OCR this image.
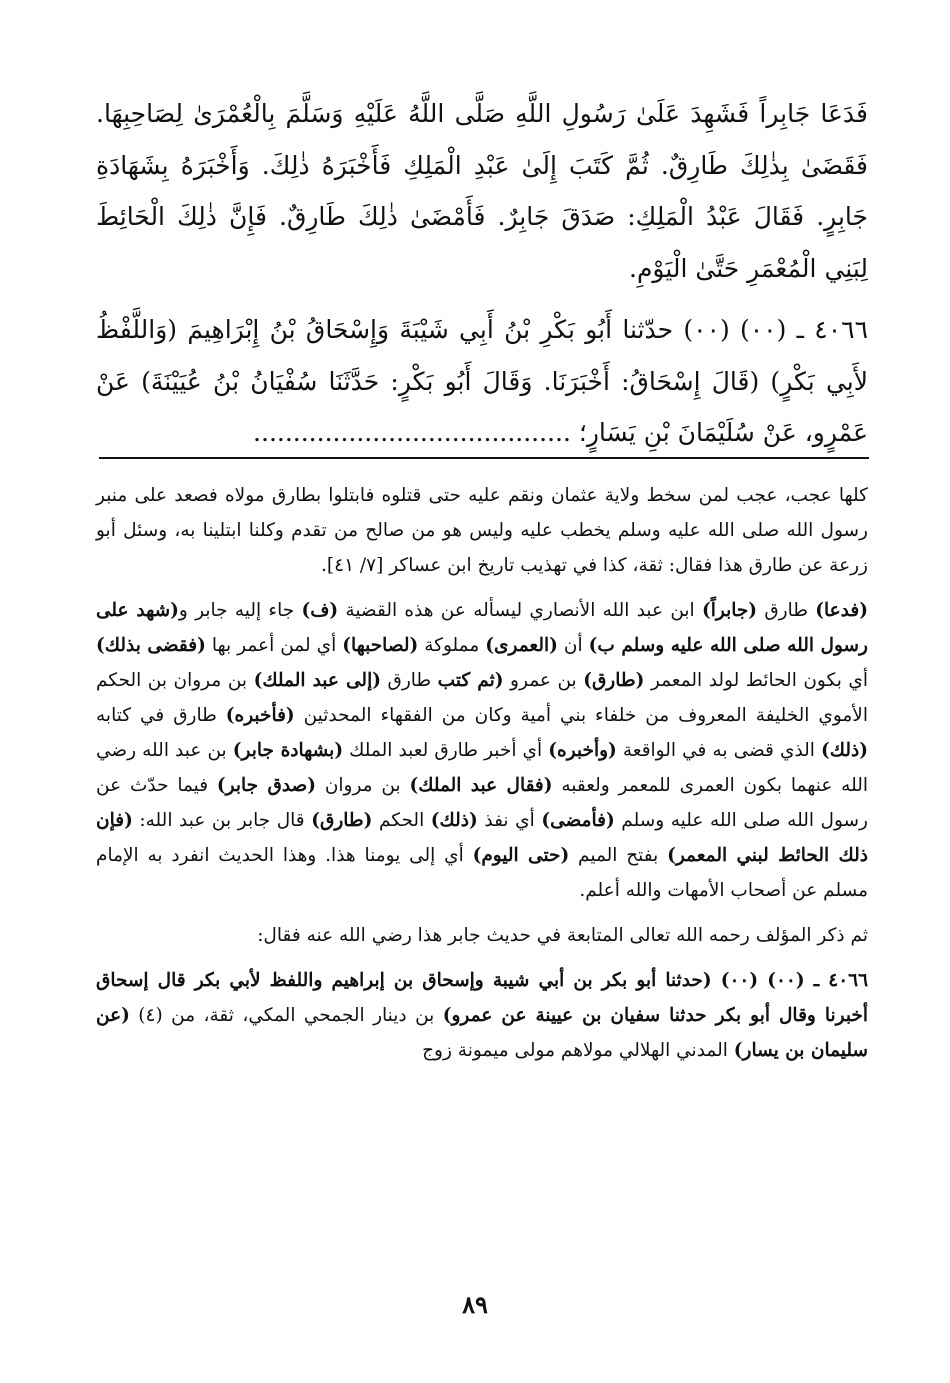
فَدَعَا جَابِراً فَشَهِدَ عَلَىٰ رَسُولِ اللَّهِ صَلَّى اللَّهُ عَلَيْهِ وَسَلَّمَ بِالْعُمْرَىٰ لِصَاحِبِهَا. فَقَضَىٰ بِذٰلِكَ طَارِقٌ. ثُمَّ كَتَبَ إِلَىٰ عَبْدِ الْمَلِكِ فَأَخْبَرَهُ ذٰلِكَ. وَأَخْبَرَهُ بِشَهَادَةِ جَابِرٍ. فَقَالَ عَبْدُ الْمَلِكِ: صَدَقَ جَابِرٌ. فَأَمْضَىٰ ذٰلِكَ طَارِقٌ. فَإِنَّ ذٰلِكَ الْحَائِطَ لِبَنِي الْمُعْمَرِ حَتَّىٰ الْيَوْمِ.

٤٠٦٦ ـ (٠٠) (٠٠) حدّثنا أَبُو بَكْرِ بْنُ أَبِي شَيْبَةَ وَإِسْحَاقُ بْنُ إِبْرَاهِيمَ (وَاللَّفْظُ لأَبِي بَكْرٍ) (قَالَ إِسْحَاقُ: أَخْبَرَنَا. وَقَالَ أَبُو بَكْرٍ: حَدَّثَنَا سُفْيَانُ بْنُ عُيَيْنَةَ) عَنْ عَمْرٍو، عَنْ سُلَيْمَانَ بْنِ يَسَارٍ؛ ........................................

كلها عجب، عجب لمن سخط ولاية عثمان ونقم عليه حتى قتلوه فابتلوا بطارق مولاه فصعد على منبر رسول الله صلى الله عليه وسلم يخطب عليه وليس هو من صالح من تقدم وكلنا ابتلينا به، وسئل أبو زرعة عن طارق هذا فقال: ثقة، كذا في تهذيب تاريخ ابن عساكر [٧/ ٤١].

(فدعا) طارق (جابراً) ابن عبد الله الأنصاري ليسأله عن هذه القضية (ف) جاء إليه جابر و(شهد على رسول الله صلى الله عليه وسلم ب) أن (العمرى) مملوكة (لصاحبها) أي لمن أعمر بها (فقضى بذلك) أي بكون الحائط لولد المعمر (طارق) بن عمرو (ثم كتب طارق (إلى عبد الملك) بن مروان بن الحكم الأموي الخليفة المعروف من خلفاء بني أمية وكان من الفقهاء المحدثين (فأخبره) طارق في كتابه (ذلك) الذي قضى به في الواقعة (وأخبره) أي أخبر طارق لعبد الملك (بشهادة جابر) بن عبد الله رضي الله عنهما بكون العمرى للمعمر ولعقبه (فقال عبد الملك) بن مروان (صدق جابر) فيما حدّث عن رسول الله صلى الله عليه وسلم (فأمضى) أي نفذ (ذلك) الحكم (طارق) قال جابر بن عبد الله: (فإن ذلك الحائط لبني المعمر) بفتح الميم (حتى اليوم) أي إلى يومنا هذا. وهذا الحديث انفرد به الإمام مسلم عن أصحاب الأمهات والله أعلم.

ثم ذكر المؤلف رحمه الله تعالى المتابعة في حديث جابر هذا رضي الله عنه فقال:

٤٠٦٦ ـ (٠٠) (٠٠) (حدثنا أبو بكر بن أبي شيبة وإسحاق بن إبراهيم واللفظ لأبي بكر قال إسحاق أخبرنا وقال أبو بكر حدثنا سفيان بن عيينة عن عمرو) بن دينار الجمحي المكي، ثقة، من (٤) (عن سليمان بن يسار) المدني الهلالي مولاهم مولى ميمونة زوج

٨٩
